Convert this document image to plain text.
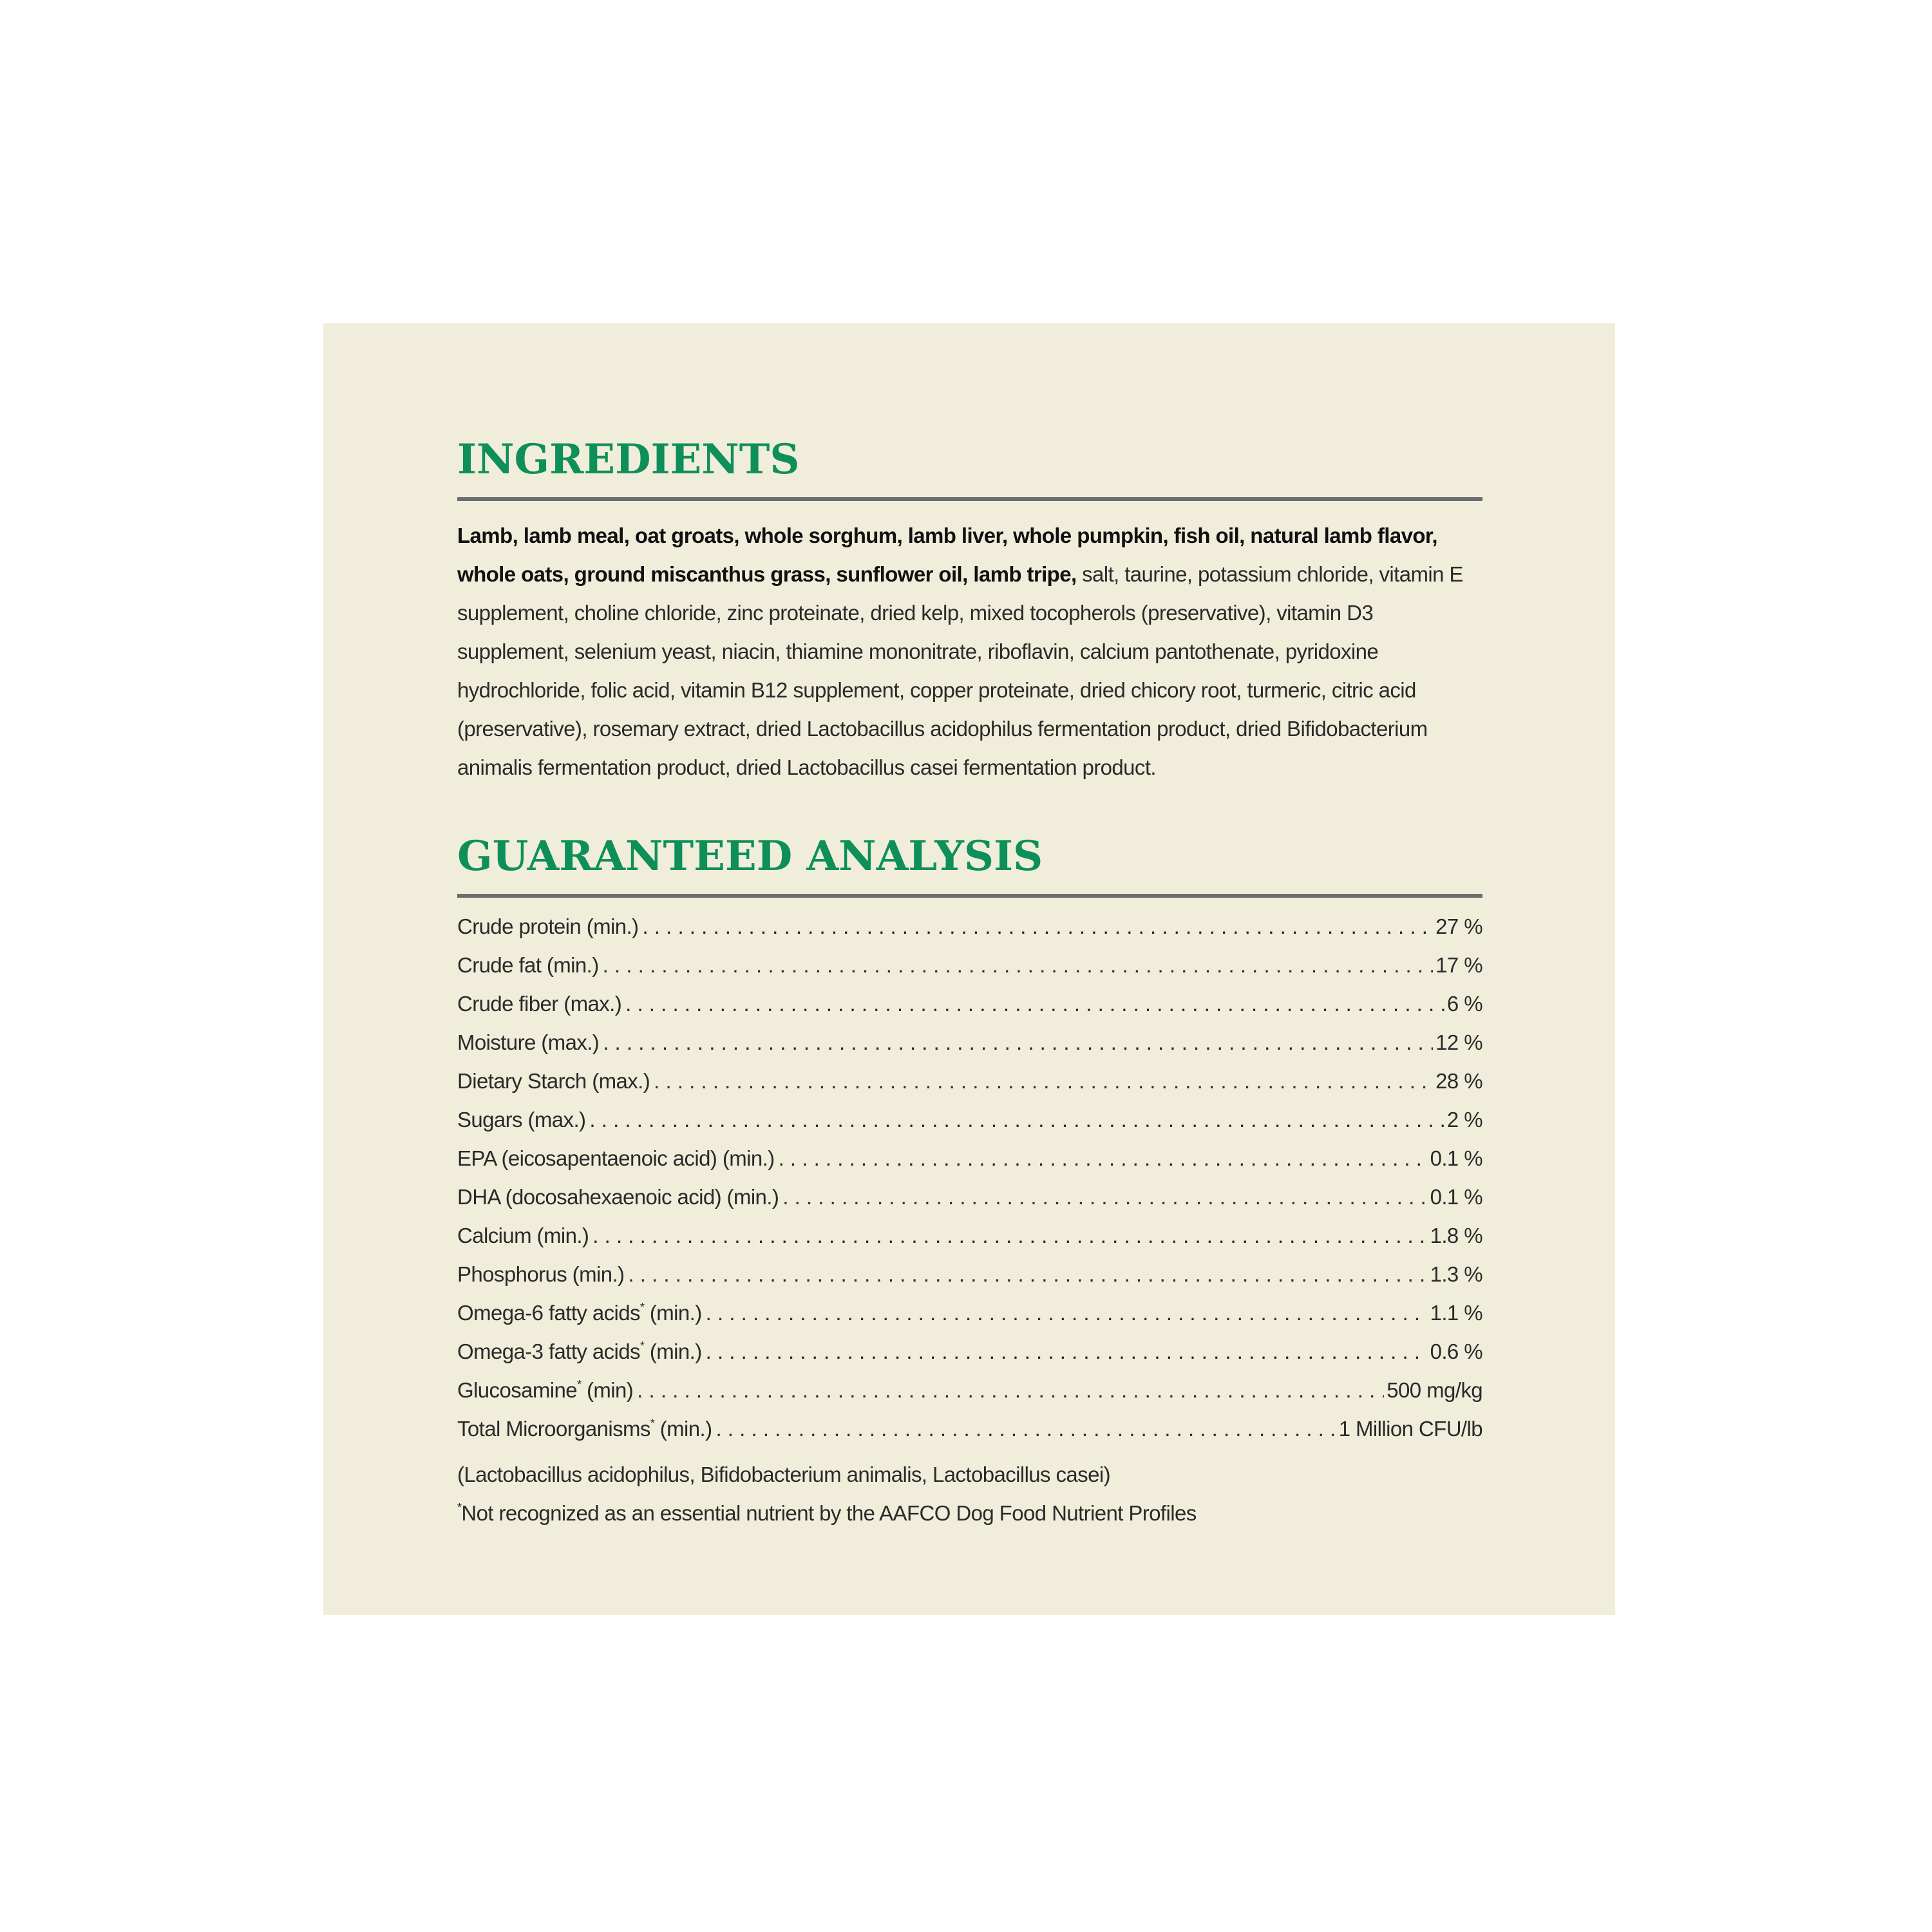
INGREDIENTS

Lamb, lamb meal, oat groats, whole sorghum, lamb liver, whole pumpkin, fish oil, natural lamb flavor, whole oats, ground miscanthus grass, sunflower oil, lamb tripe, salt, taurine, potassium chloride, vitamin E supplement, choline chloride, zinc proteinate, dried kelp, mixed tocopherols (preservative), vitamin D3 supplement, selenium yeast, niacin, thiamine mononitrate, riboflavin, calcium pantothenate, pyridoxine hydrochloride, folic acid, vitamin B12 supplement, copper proteinate, dried chicory root, turmeric, citric acid (preservative), rosemary extract, dried Lactobacillus acidophilus fermentation product, dried Bifidobacterium animalis fermentation product, dried Lactobacillus casei fermentation product.

GUARANTEED ANALYSIS
Crude protein (min.) . . .	27 %
Crude fat (min.) . . .	17 %
Crude fiber (max.) . . .	6 %
Moisture (max.) . . .	12 %
Dietary Starch (max.) . . .	28 %
Sugars (max.) . . .	2 %
EPA (eicosapentaenoic acid) (min.) . . .	0.1 %
DHA (docosahexaenoic acid) (min.) . . .	0.1 %
Calcium (min.) . . .	1.8 %
Phosphorus (min.) . . .	1.3 %
Omega-6 fatty acids* (min.) . . .	1.1 %
Omega-3 fatty acids* (min.) . . .	0.6 %
Glucosamine* (min) . . .	500 mg/kg
Total Microorganisms* (min.) . . .	1 Million CFU/lb
(Lactobacillus acidophilus, Bifidobacterium animalis, Lactobacillus casei)
*Not recognized as an essential nutrient by the AAFCO Dog Food Nutrient Profiles
